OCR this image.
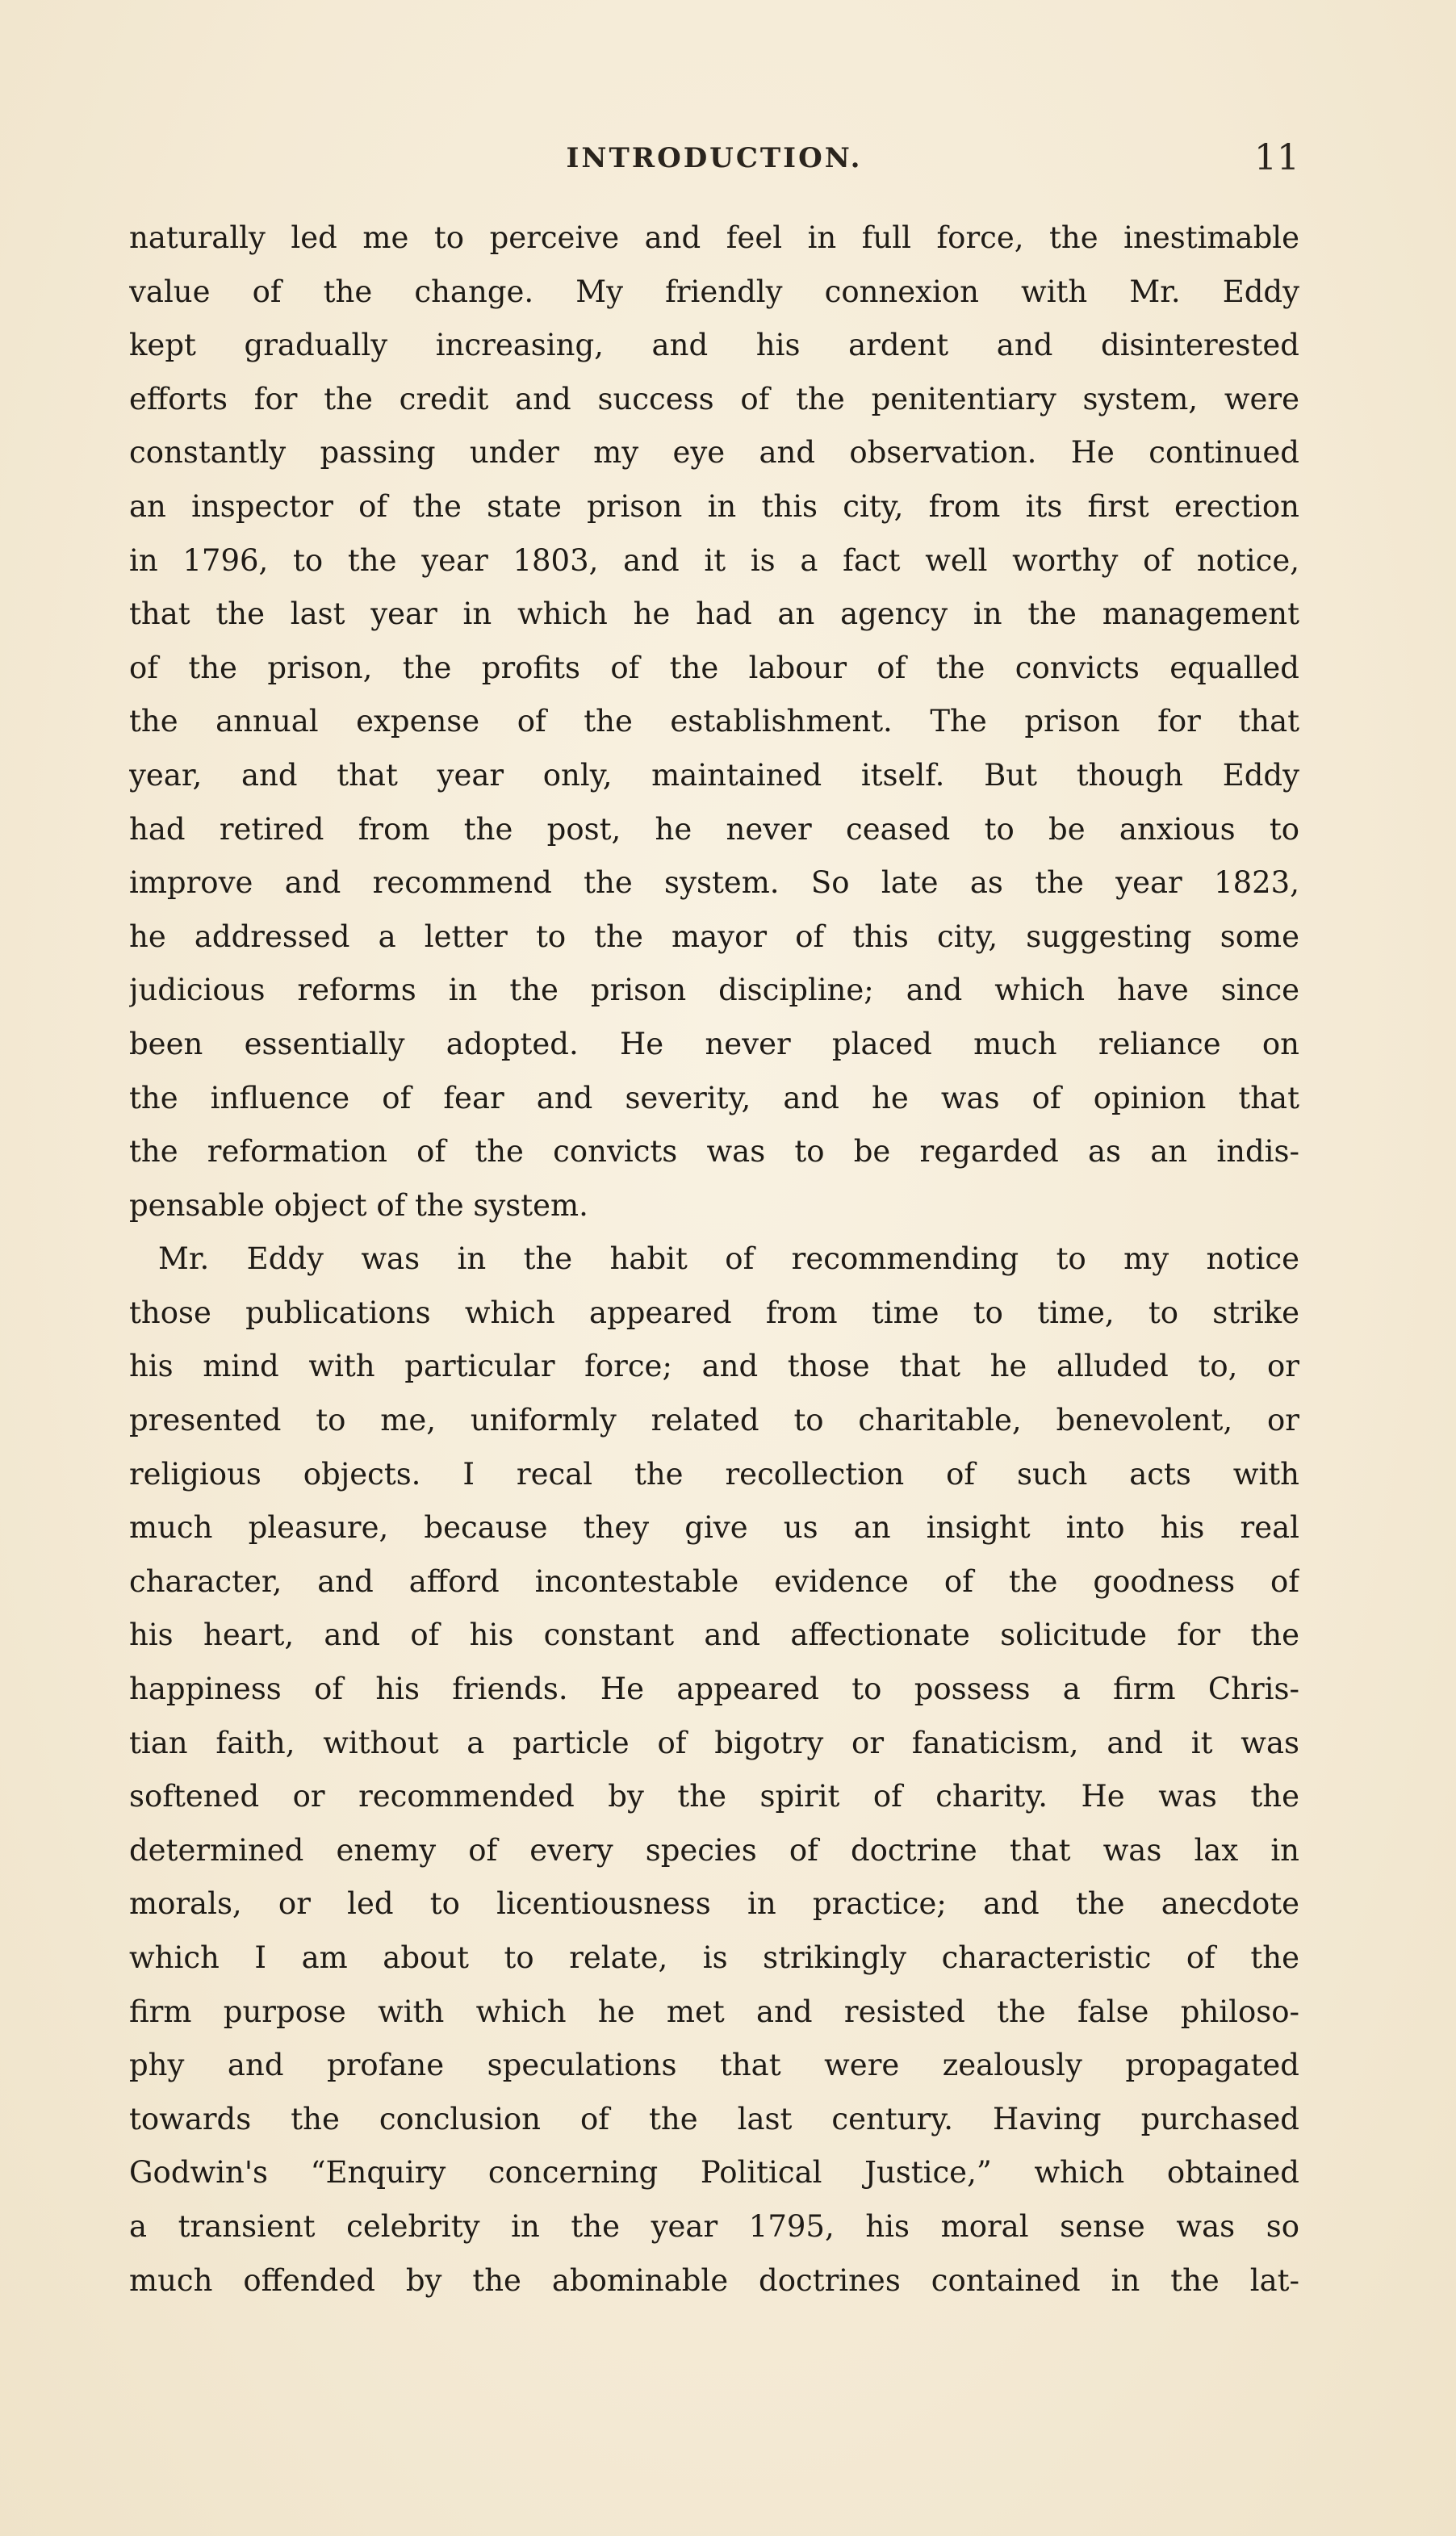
INTRODUCTION.	11
naturally led me to perceive and feel in full force, the inestimable
value of the change. My friendly connexion with Mr. Eddy
kept gradually increasing, and his ardent and disinterested
efforts for the credit and success of the penitentiary system, were
constantly passing under my eye and observation. He continued
an inspector of the state prison in this city, from its first erection
in 1796, to the year 1803, and it is a fact well worthy of notice,
that the last year in which he had an agency in the management
of the prison, the profits of the labour of the convicts equalled
the annual expense of the establishment. The prison for that
year, and that year only, maintained itself. But though Eddy
had retired from the post, he never ceased to be anxious to
improve and recommend the system. So late as the year 1823,
he addressed a letter to the mayor of this city, suggesting some
judicious reforms in the prison discipline; and which have since
been essentially adopted. He never placed much reliance on
the influence of fear and severity, and he was of opinion that
the reformation of the convicts was to be regarded as an indis-
pensable object of the system.
Mr. Eddy was in the habit of recommending to my notice
those publications which appeared from time to time, to strike
his mind with particular force; and those that he alluded to, or
presented to me, uniformly related to charitable, benevolent, or
religious objects. I recal the recollection of such acts with
much pleasure, because they give us an insight into his real
character, and afford incontestable evidence of the goodness of
his heart, and of his constant and affectionate solicitude for the
happiness of his friends. He appeared to possess a firm Chris-
tian faith, without a particle of bigotry or fanaticism, and it was
softened or recommended by the spirit of charity. He was the
determined enemy of every species of doctrine that was lax in
morals, or led to licentiousness in practice; and the anecdote
which I am about to relate, is strikingly characteristic of the
firm purpose with which he met and resisted the false philoso-
phy and profane speculations that were zealously propagated
towards the conclusion of the last century. Having purchased
Godwin's “Enquiry concerning Political Justice,” which obtained
a transient celebrity in the year 1795, his moral sense was so
much offended by the abominable doctrines contained in the lat-
